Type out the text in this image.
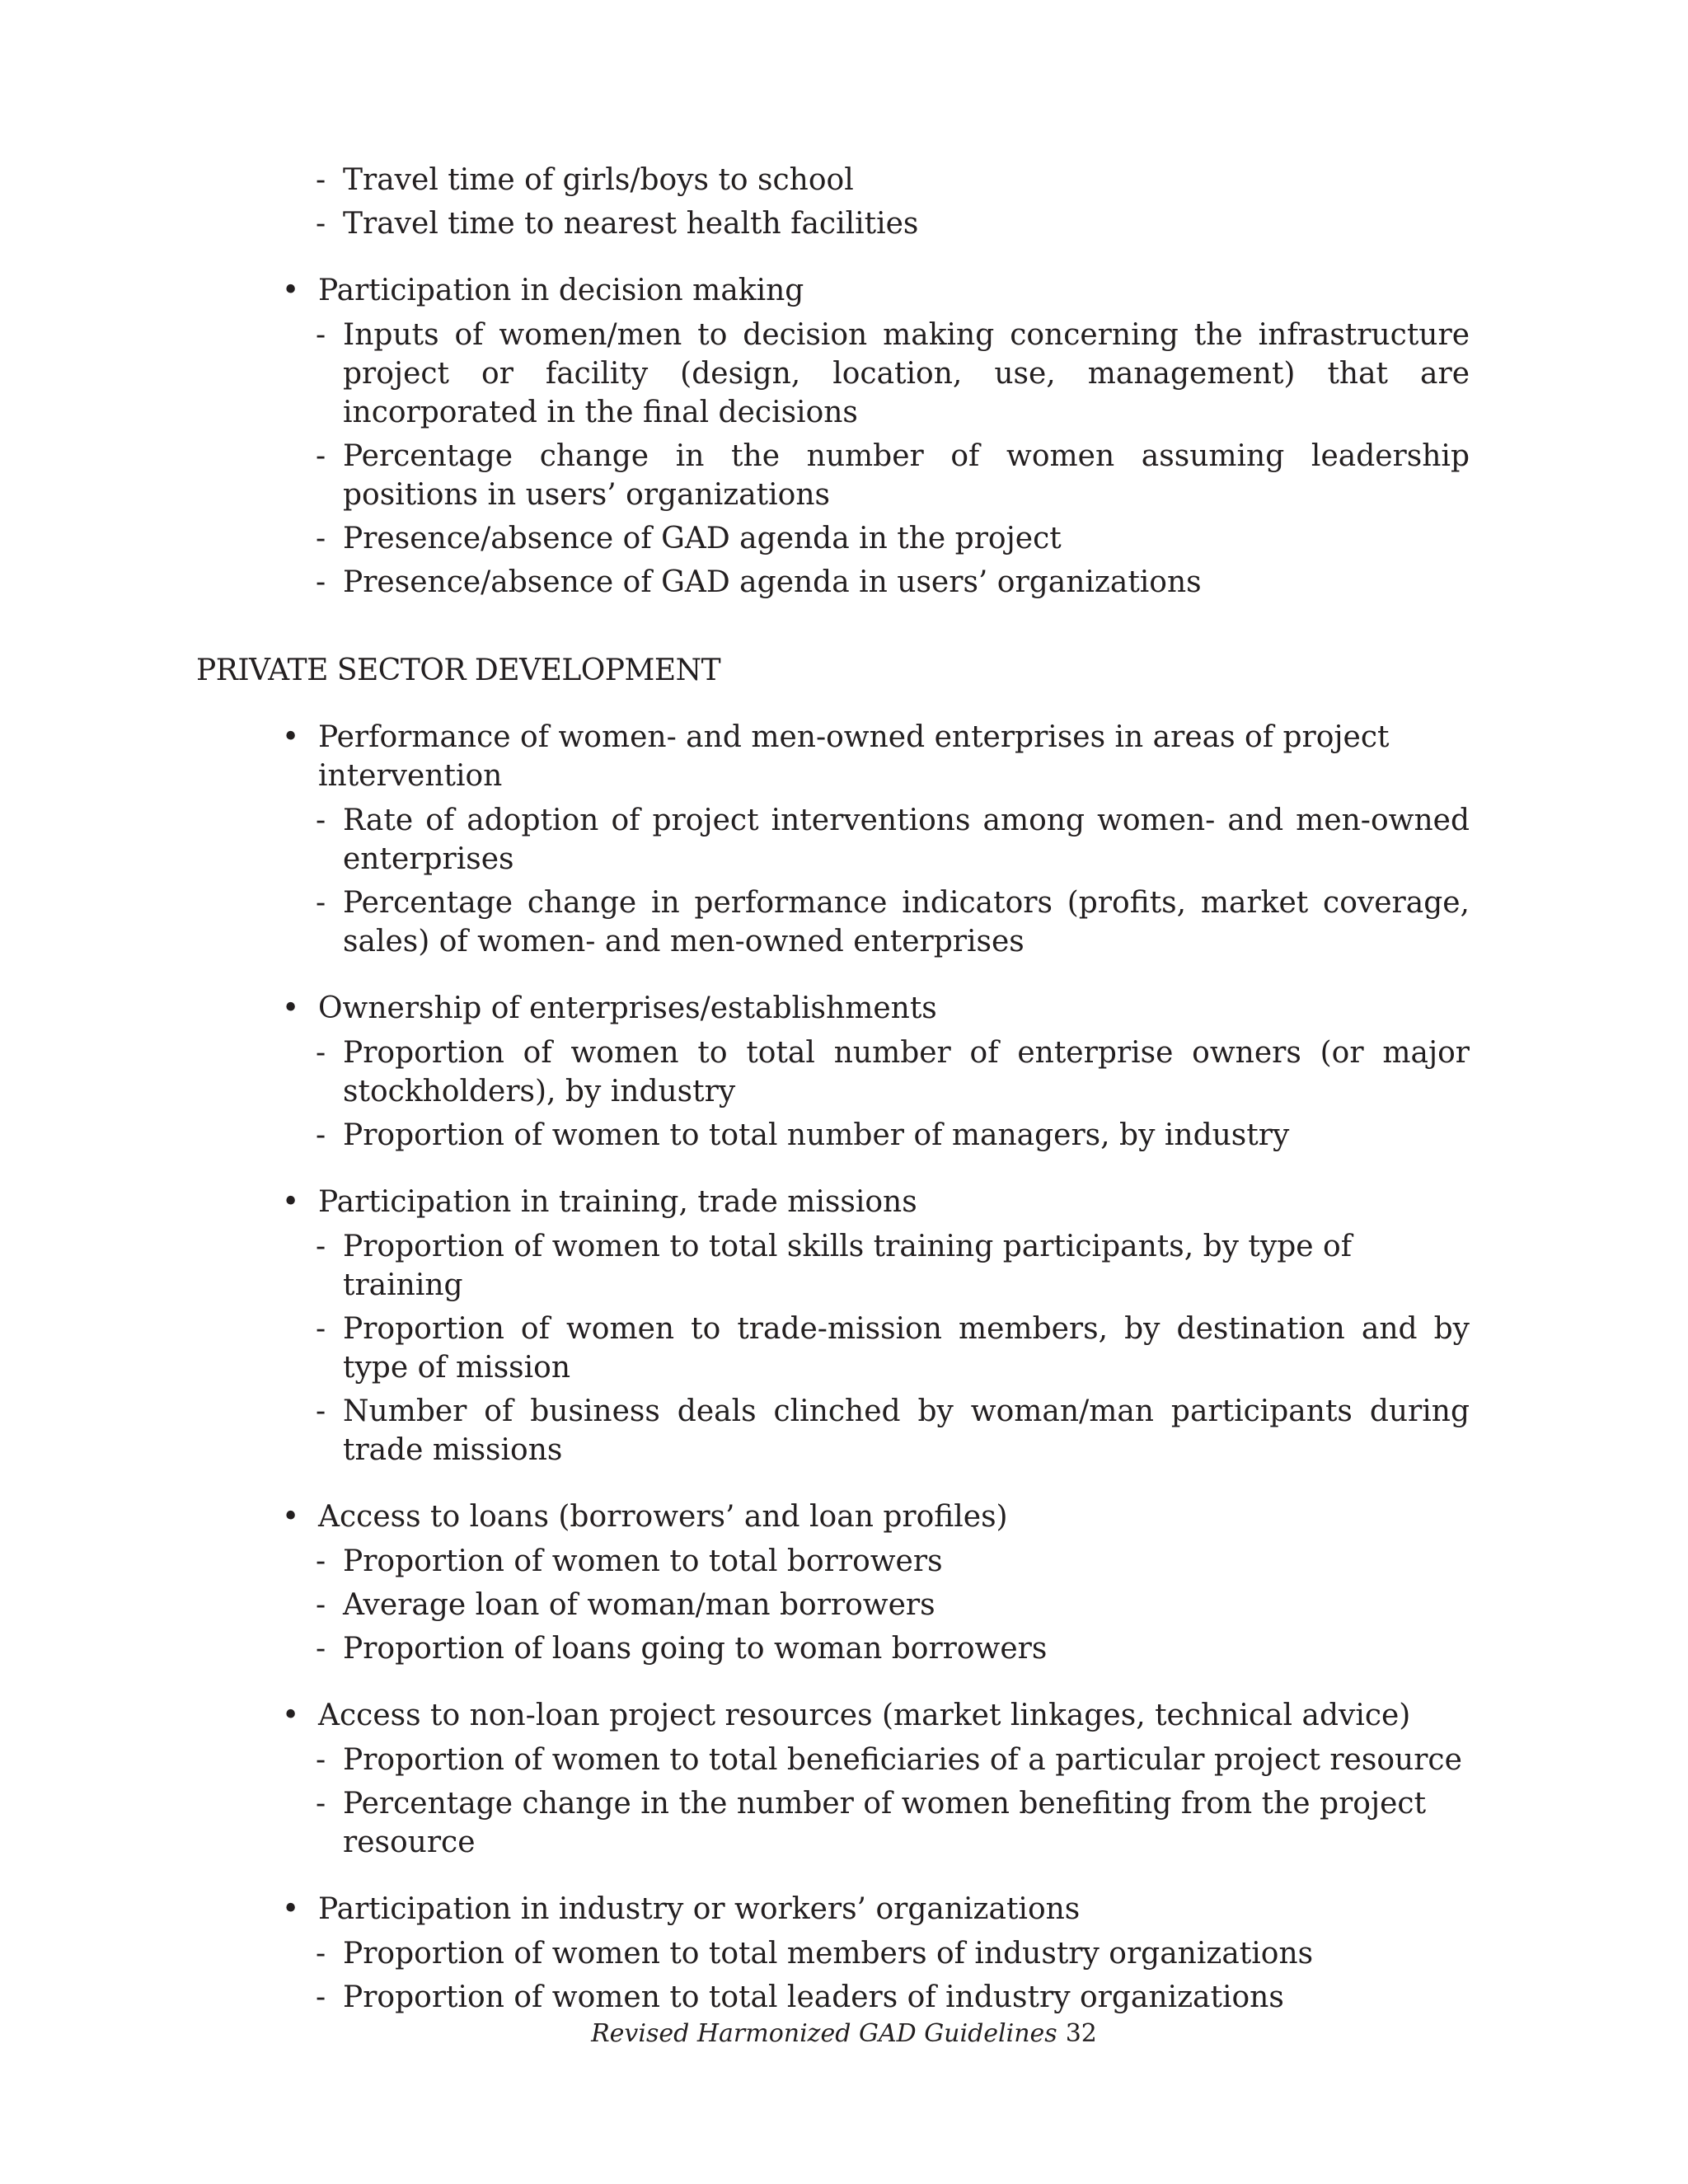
- Travel time of girls/boys to school
- Travel time to nearest health facilities
• Participation in decision making
- Inputs of women/men to decision making concerning the infrastructure project or facility (design, location, use, management) that are incorporated in the final decisions
- Percentage change in the number of women assuming leadership positions in users’ organizations
- Presence/absence of GAD agenda in the project
- Presence/absence of GAD agenda in users’ organizations
PRIVATE SECTOR DEVELOPMENT
• Performance of women- and men-owned enterprises in areas of project intervention
- Rate of adoption of project interventions among women- and men-owned enterprises
- Percentage change in performance indicators (profits, market coverage, sales) of women- and men-owned enterprises
• Ownership of enterprises/establishments
- Proportion of women to total number of enterprise owners (or major stockholders), by industry
- Proportion of women to total number of managers, by industry
• Participation in training, trade missions
- Proportion of women to total skills training participants, by type of training
- Proportion of women to trade-mission members, by destination and by type of mission
- Number of business deals clinched by woman/man participants during trade missions
• Access to loans (borrowers’ and loan profiles)
- Proportion of women to total borrowers
- Average loan of woman/man borrowers
- Proportion of loans going to woman borrowers
• Access to non-loan project resources (market linkages, technical advice)
- Proportion of women to total beneficiaries of a particular project resource
- Percentage change in the number of women benefiting from the project resource
• Participation in industry or workers’ organizations
- Proportion of women to total members of industry organizations
- Proportion of women to total leaders of industry organizations
Revised Harmonized GAD Guidelines 32
